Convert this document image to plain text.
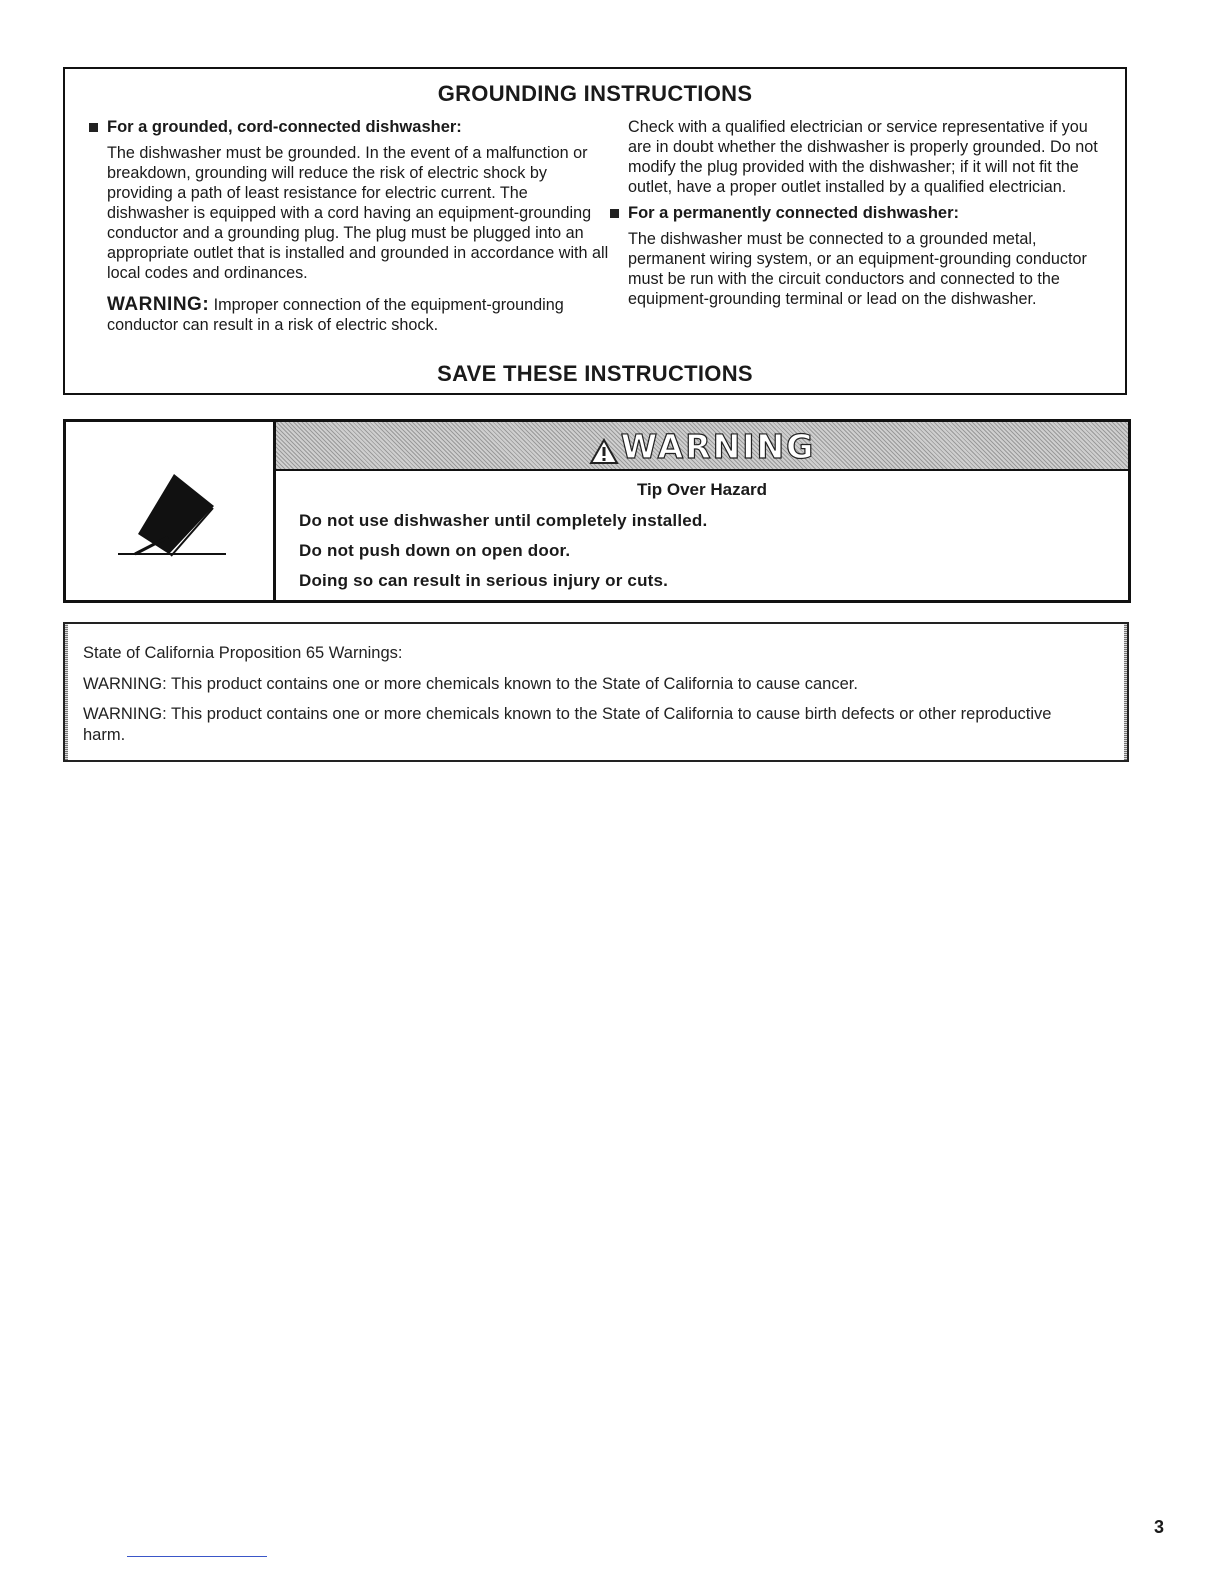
GROUNDING INSTRUCTIONS
For a grounded, cord-connected dishwasher:

The dishwasher must be grounded. In the event of a malfunction or breakdown, grounding will reduce the risk of electric shock by providing a path of least resistance for electric current. The dishwasher is equipped with a cord having an equipment-grounding conductor and a grounding plug. The plug must be plugged into an appropriate outlet that is installed and grounded in accordance with all local codes and ordinances.

WARNING: Improper connection of the equipment-grounding conductor can result in a risk of electric shock.

Check with a qualified electrician or service representative if you are in doubt whether the dishwasher is properly grounded. Do not modify the plug provided with the dishwasher; if it will not fit the outlet, have a proper outlet installed by a qualified electrician.

For a permanently connected dishwasher:

The dishwasher must be connected to a grounded metal, permanent wiring system, or an equipment-grounding conductor must be run with the circuit conductors and connected to the equipment-grounding terminal or lead on the dishwasher.

SAVE THESE INSTRUCTIONS
WARNING
Tip Over Hazard
Do not use dishwasher until completely installed.
Do not push down on open door.
Doing so can result in serious injury or cuts.
State of California Proposition 65 Warnings:
WARNING: This product contains one or more chemicals known to the State of California to cause cancer.
WARNING: This product contains one or more chemicals known to the State of California to cause birth defects or other reproductive harm.
3
